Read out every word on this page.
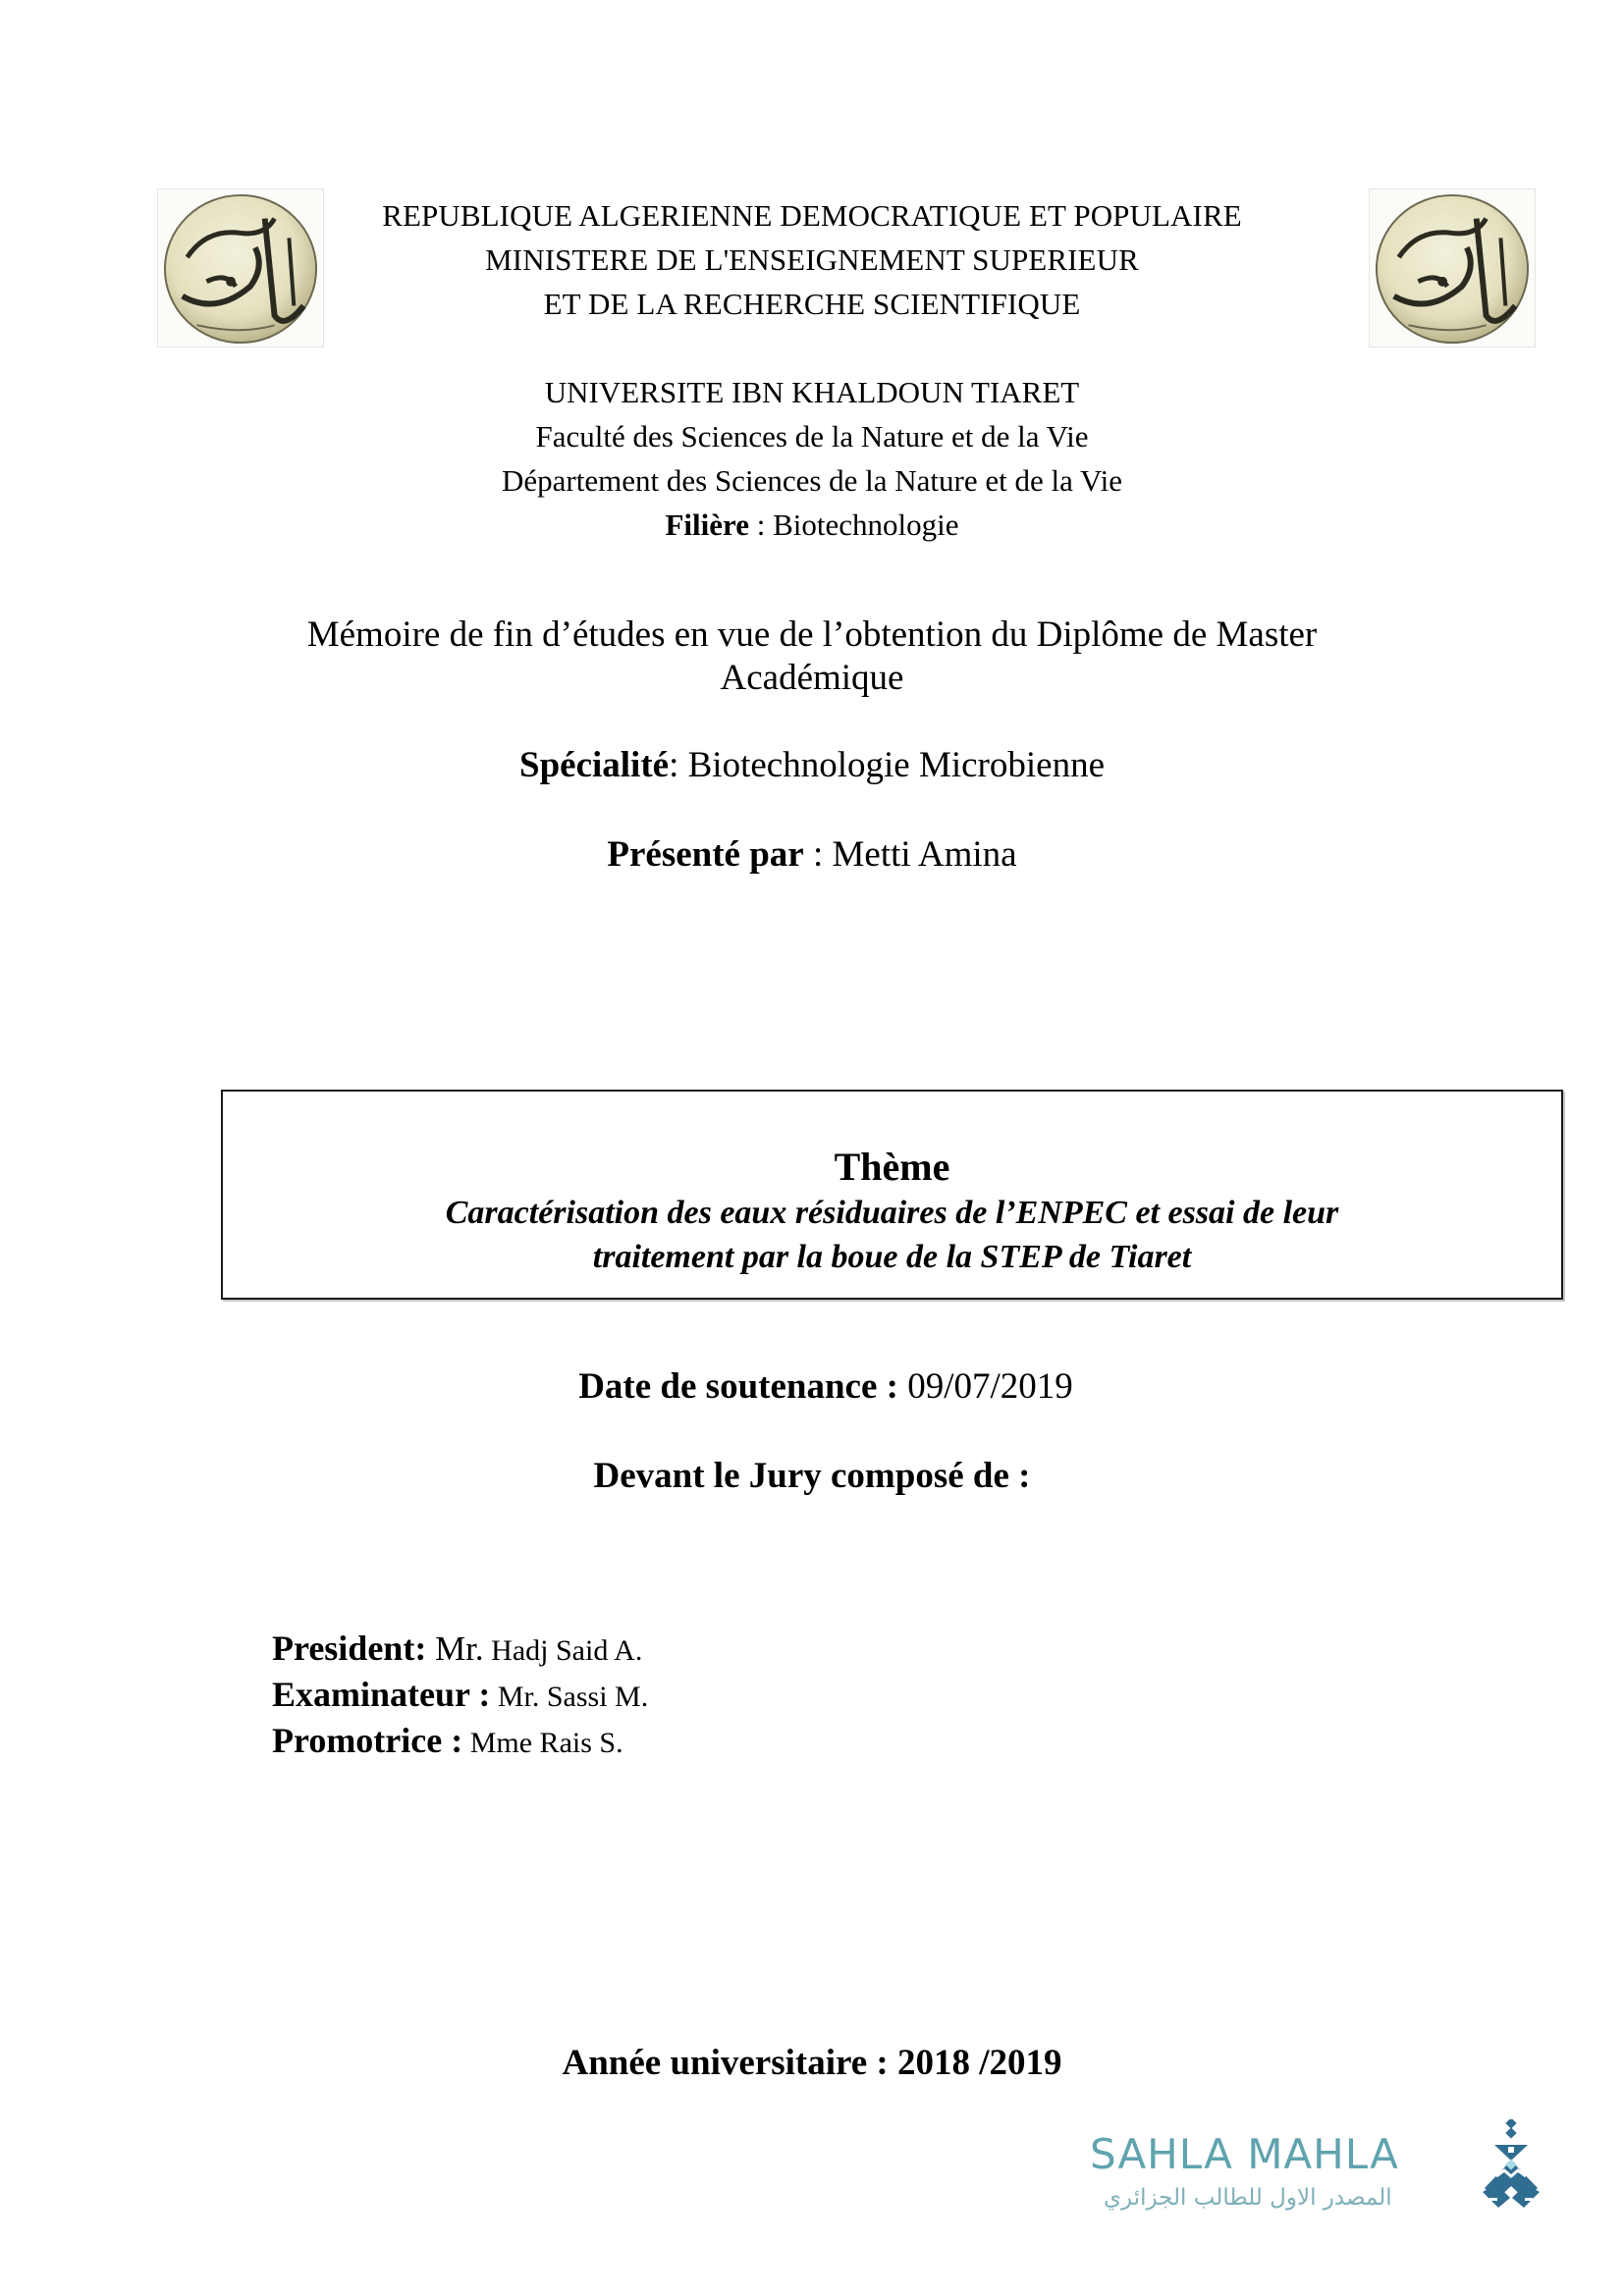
REPUBLIQUE ALGERIENNE DEMOCRATIQUE ET POPULAIRE
MINISTERE DE L'ENSEIGNEMENT SUPERIEUR
ET DE LA RECHERCHE SCIENTIFIQUE
UNIVERSITE IBN KHALDOUN TIARET
Faculté des Sciences de la Nature et de la Vie
Département des Sciences de la Nature et de la Vie
Filière : Biotechnologie
Mémoire de fin d’études en vue de l’obtention du Diplôme de Master
Académique
Spécialité: Biotechnologie Microbienne
Présenté par : Metti Amina
Thème
Caractérisation des eaux résiduaires de l’ENPEC et essai de leur
traitement par la boue de la STEP de Tiaret
Date de soutenance : 09/07/2019
Devant le Jury composé de :
President: Mr. Hadj Said A.
Examinateur : Mr. Sassi M.
Promotrice : Mme Rais S.
Année universitaire : 2018 /2019
SAHLA MAHLA
المصدر الاول للطالب الجزائري
